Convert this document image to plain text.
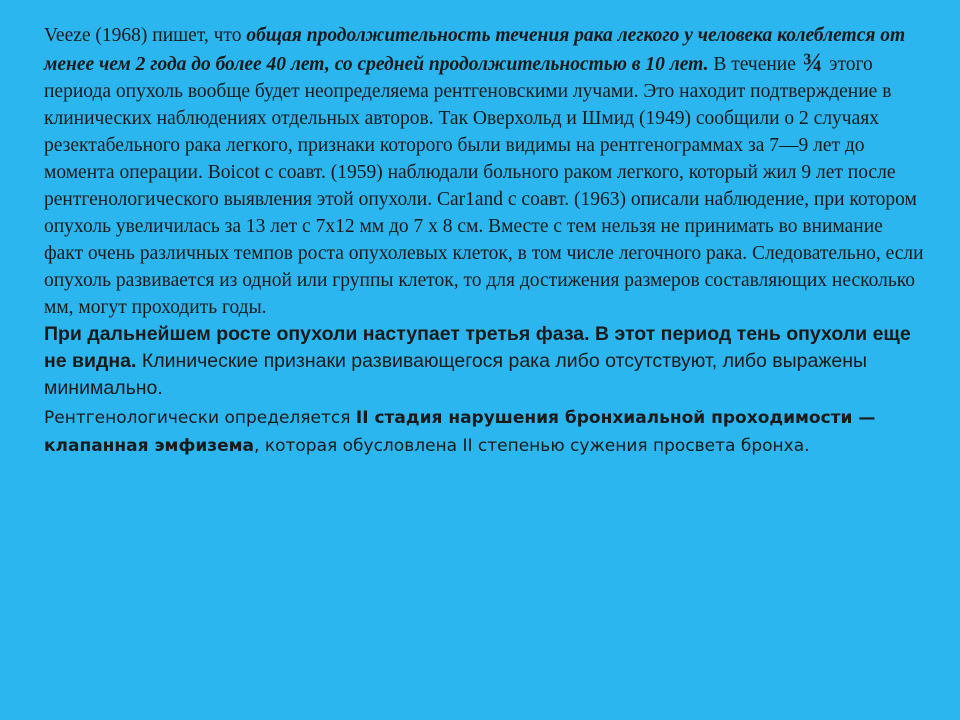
Veeze (1968) пишет, что общая продолжительность течения рака легкого у человека колеблется от менее чем 2 года до более 40 лет, со средней продолжительностью в 10 лет. В течение ¾ этого периода опухоль вообще будет неопределяема рентгеновскими лучами. Это находит подтверждение в клинических наблюдениях отдельных авторов. Так Оверхольд и Шмид (1949) сообщили о 2 случаях резектабельного рака легкого, признаки которого были видимы на рентгенограммах за 7—9 лет до момента операции. Воicot с соавт. (1959) наблюдали больного раком легкого, который жил 9 лет после рентгенологического выявления этой опухоли. Car1and с соавт. (1963) описали наблюдение, при котором опухоль увеличилась за 13 лет с 7x12 мм до 7 x 8 см. Вместе с тем нельзя не принимать во внимание факт очень различных темпов роста опухолевых клеток, в том числе легочного рака. Следовательно, если опухоль развивается из одной или группы клеток, то для достижения размеров составляющих несколько мм, могут проходить годы.

При дальнейшем росте опухоли наступает третья фаза. В этот период тень опухоли еще не видна. Клинические признаки развивающегося рака либо отсутствуют, либо выражены минимально.

Рентгенологически определяется II стадия нарушения бронхиальной проходимости — клапанная эмфизема, которая обусловлена II степенью сужения просвета бронха.
